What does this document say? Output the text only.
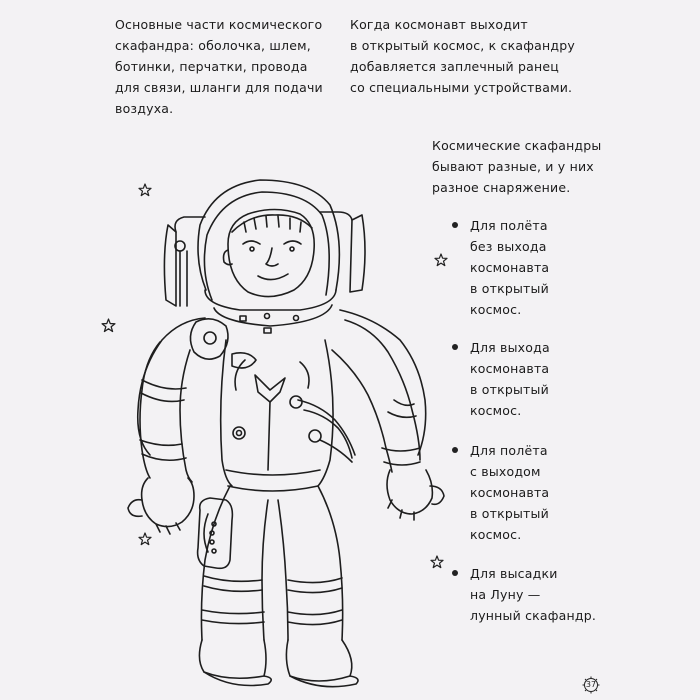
Основные части космического
скафандра: оболочка, шлем,
ботинки, перчатки, провода
для связи, шланги для подачи
воздуха.
Когда космонавт выходит
в открытый космос, к скафандру
добавляется заплечный ранец
со специальными устройствами.
Космические скафандры
бывают разные, и у них
разное снаряжение.
Для полёта
без выхода
космонавта
в открытый
космос.
Для выхода
космонавта
в открытый
космос.
Для полёта
с выходом
космонавта
в открытый
космос.
Для высадки
на Луну —
лунный скафандр.
37
